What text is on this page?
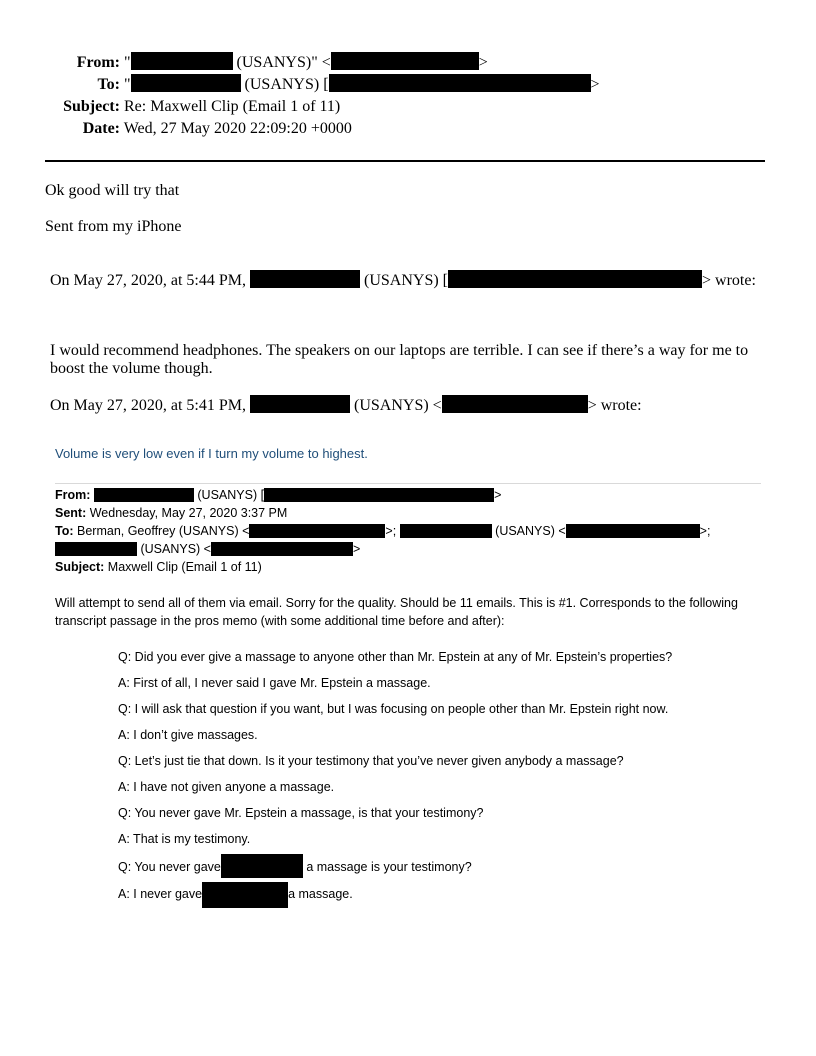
From: "	(USANYS)" <	>
To: "	(USANYS) [	>
Subject: Re: Maxwell Clip (Email 1 of 11)
Date: Wed, 27 May 2020 22:09:20 +0000
Ok good will try that
Sent from my iPhone
On May 27, 2020, at 5:44 PM,	(USANYS) [	> wrote:
I would recommend headphones. The speakers on our laptops are terrible. I can see if there’s a way for me to boost the volume though.
On May 27, 2020, at 5:41 PM,	(USANYS) <	> wrote:
Volume is very low even if I turn my volume to highest.
From:	(USANYS) [	>
Sent: Wednesday, May 27, 2020 3:37 PM
To: Berman, Geoffrey (USANYS) <	>;	(USANYS) <	>;
(USANYS) <	>
Subject: Maxwell Clip (Email 1 of 11)
Will attempt to send all of them via email. Sorry for the quality. Should be 11 emails. This is #1. Corresponds to the following transcript passage in the pros memo (with some additional time before and after):
Q: Did you ever give a massage to anyone other than Mr. Epstein at any of Mr. Epstein’s properties?
A: First of all, I never said I gave Mr. Epstein a massage.
Q: I will ask that question if you want, but I was focusing on people other than Mr. Epstein right now.
A: I don’t give massages.
Q: Let’s just tie that down. Is it your testimony that you’ve never given anybody a massage?
A: I have not given anyone a massage.
Q: You never gave Mr. Epstein a massage, is that your testimony?
A: That is my testimony.
Q: You never gave	a massage is your testimony?
A: I never gave	a massage.
